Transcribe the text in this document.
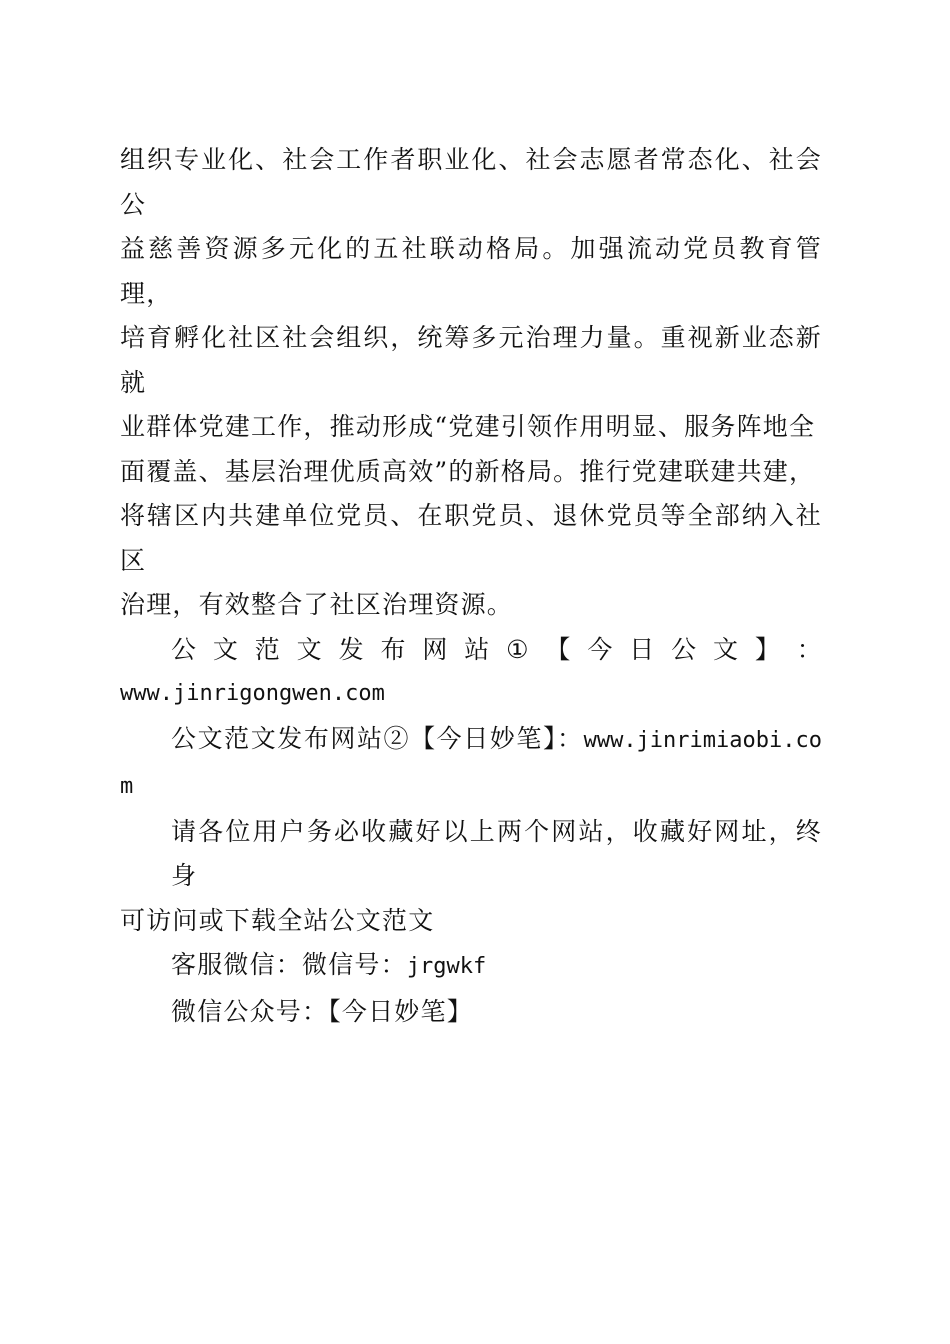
组织专业化、社会工作者职业化、社会志愿者常态化、社会公
益慈善资源多元化的五社联动格局。加强流动党员教育管理，
培育孵化社区社会组织，统筹多元治理力量。重视新业态新就
业群体党建工作，推动形成“党建引领作用明显、服务阵地全
面覆盖、基层治理优质高效”的新格局。推行党建联建共建，
将辖区内共建单位党员、在职党员、退休党员等全部纳入社区
治理，有效整合了社区治理资源。

公 文 范 文 发 布 网 站 ① 【 今 日 公 文 】 ：
www.jinrigongwen.com

公文范文发布网站②【今日妙笔】：www.jinrimiaobi.com

请各位用户务必收藏好以上两个网站，收藏好网址，终身
可访问或下载全站公文范文

客服微信：微信号：jrgwkf

微信公众号：【今日妙笔】
